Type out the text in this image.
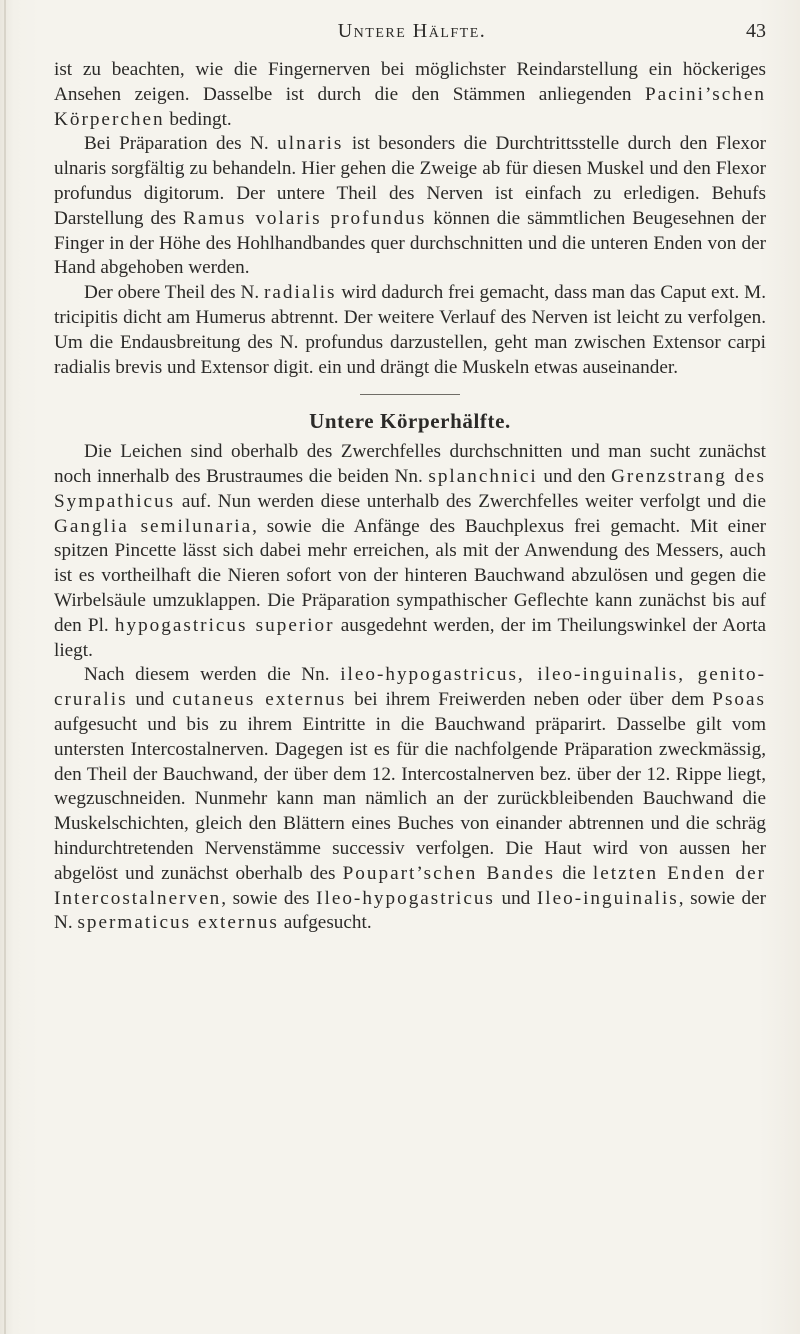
Untere Hälfte.	43

ist zu beachten, wie die Fingernerven bei möglichster Reindarstellung ein höckeriges Ansehen zeigen. Dasselbe ist durch die den Stämmen anliegenden Pacini’schen Körperchen bedingt.

Bei Präparation des N. ulnaris ist besonders die Durchtrittsstelle durch den Flexor ulnaris sorgfältig zu behandeln. Hier gehen die Zweige ab für diesen Muskel und den Flexor profundus digitorum. Der untere Theil des Nerven ist einfach zu erledigen. Behufs Darstellung des Ramus volaris profundus können die sämmtlichen Beugesehnen der Finger in der Höhe des Hohlhandbandes quer durchschnitten und die unteren Enden von der Hand abgehoben werden.

Der obere Theil des N. radialis wird dadurch frei gemacht, dass man das Caput ext. M. tricipitis dicht am Humerus abtrennt. Der weitere Verlauf des Nerven ist leicht zu verfolgen. Um die Endausbreitung des N. profundus darzustellen, geht man zwischen Extensor carpi radialis brevis und Extensor digit. ein und drängt die Muskeln etwas auseinander.

Untere Körperhälfte.

Die Leichen sind oberhalb des Zwerchfelles durchschnitten und man sucht zunächst noch innerhalb des Brustraumes die beiden Nn. splanchnici und den Grenzstrang des Sympathicus auf. Nun werden diese unterhalb des Zwerchfelles weiter verfolgt und die Ganglia semilunaria, sowie die Anfänge des Bauchplexus frei gemacht. Mit einer spitzen Pincette lässt sich dabei mehr erreichen, als mit der Anwendung des Messers, auch ist es vortheilhaft die Nieren sofort von der hinteren Bauchwand abzulösen und gegen die Wirbelsäule umzuklappen. Die Präparation sympathischer Geflechte kann zunächst bis auf den Pl. hypogastricus superior ausgedehnt werden, der im Theilungswinkel der Aorta liegt.

Nach diesem werden die Nn. ileo-hypogastricus, ileo-inguinalis, genito-cruralis und cutaneus externus bei ihrem Freiwerden neben oder über dem Psoas aufgesucht und bis zu ihrem Eintritte in die Bauchwand präparirt. Dasselbe gilt vom untersten Intercostalnerven. Dagegen ist es für die nachfolgende Präparation zweckmässig, den Theil der Bauchwand, der über dem 12. Intercostalnerven bez. über der 12. Rippe liegt, wegzuschneiden. Nunmehr kann man nämlich an der zurückbleibenden Bauchwand die Muskelschichten, gleich den Blättern eines Buches von einander abtrennen und die schräg hindurchtretenden Nervenstämme successiv verfolgen. Die Haut wird von aussen her abgelöst und zunächst oberhalb des Poupart’schen Bandes die letzten Enden der Intercostalnerven, sowie des Ileo-hypogastricus und Ileo-inguinalis, sowie der N. spermaticus externus aufgesucht.
